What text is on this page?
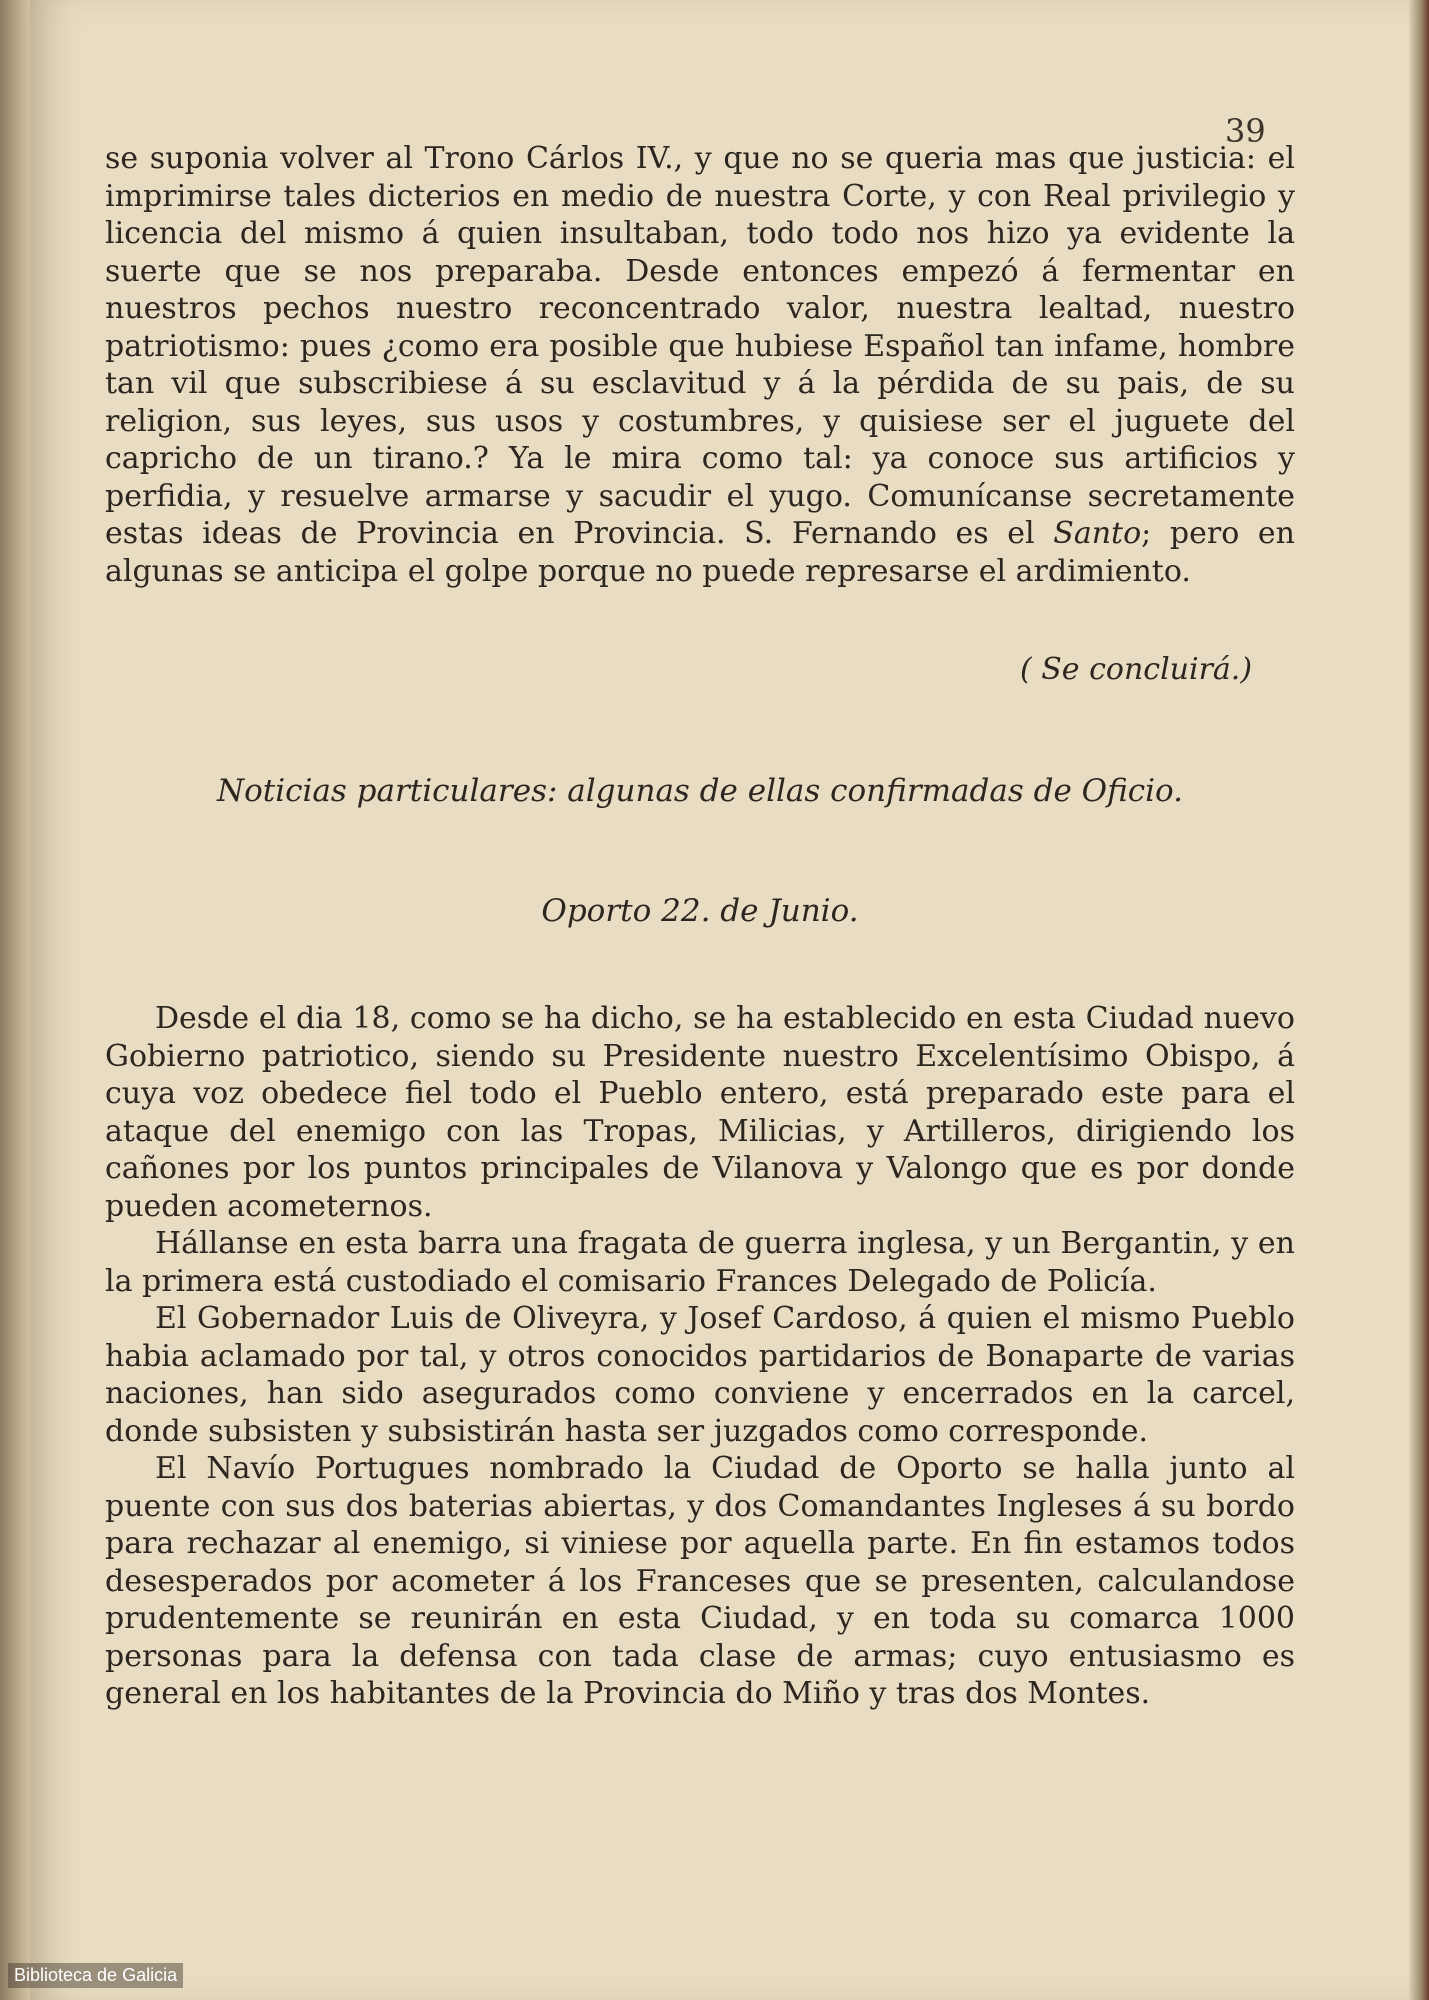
39

se suponia volver al Trono Cárlos IV., y que no se queria mas que justicia: el imprimirse tales dicterios en medio de nuestra Corte, y con Real privilegio y licencia del mismo á quien insultaban, todo todo nos hizo ya evidente la suerte que se nos preparaba. Desde entonces empezó á fermentar en nuestros pechos nuestro reconcentrado valor, nuestra lealtad, nuestro patriotismo: pues ¿como era posible que hubiese Español tan infame, hombre tan vil que subscribiese á su esclavitud y á la pérdida de su pais, de su religion, sus leyes, sus usos y costumbres, y quisiese ser el juguete del capricho de un tirano.? Ya le mira como tal: ya conoce sus artificios y perfidia, y resuelve armarse y sacudir el yugo. Comunícanse secretamente estas ideas de Provincia en Provincia. S. Fernando es el Santo; pero en algunas se anticipa el golpe porque no puede represarse el ardimiento.

( Se concluirá.)
Noticias particulares: algunas de ellas confirmadas de Oficio.
Oporto 22. de Junio.

Desde el dia 18, como se ha dicho, se ha establecido en esta Ciudad nuevo Gobierno patriotico, siendo su Presidente nuestro Excelentísimo Obispo, á cuya voz obedece fiel todo el Pueblo entero, está preparado este para el ataque del enemigo con las Tropas, Milicias, y Artilleros, dirigiendo los cañones por los puntos principales de Vilanova y Valongo que es por donde pueden acometernos.

Hállanse en esta barra una fragata de guerra inglesa, y un Bergantin, y en la primera está custodiado el comisario Frances Delegado de Policía.

El Gobernador Luis de Oliveyra, y Josef Cardoso, á quien el mismo Pueblo habia aclamado por tal, y otros conocidos partidarios de Bonaparte de varias naciones, han sido asegurados como conviene y encerrados en la carcel, donde subsisten y subsistirán hasta ser juzgados como corresponde.

El Navío Portugues nombrado la Ciudad de Oporto se halla junto al puente con sus dos baterias abiertas, y dos Comandantes Ingleses á su bordo para rechazar al enemigo, si viniese por aquella parte. En fin estamos todos desesperados por acometer á los Franceses que se presenten, calculandose prudentemente se reunirán en esta Ciudad, y en toda su comarca 1000 personas para la defensa con tada clase de armas; cuyo entusiasmo es general en los habitantes de la Provincia do Miño y tras dos Montes.

Biblioteca de Galicia
